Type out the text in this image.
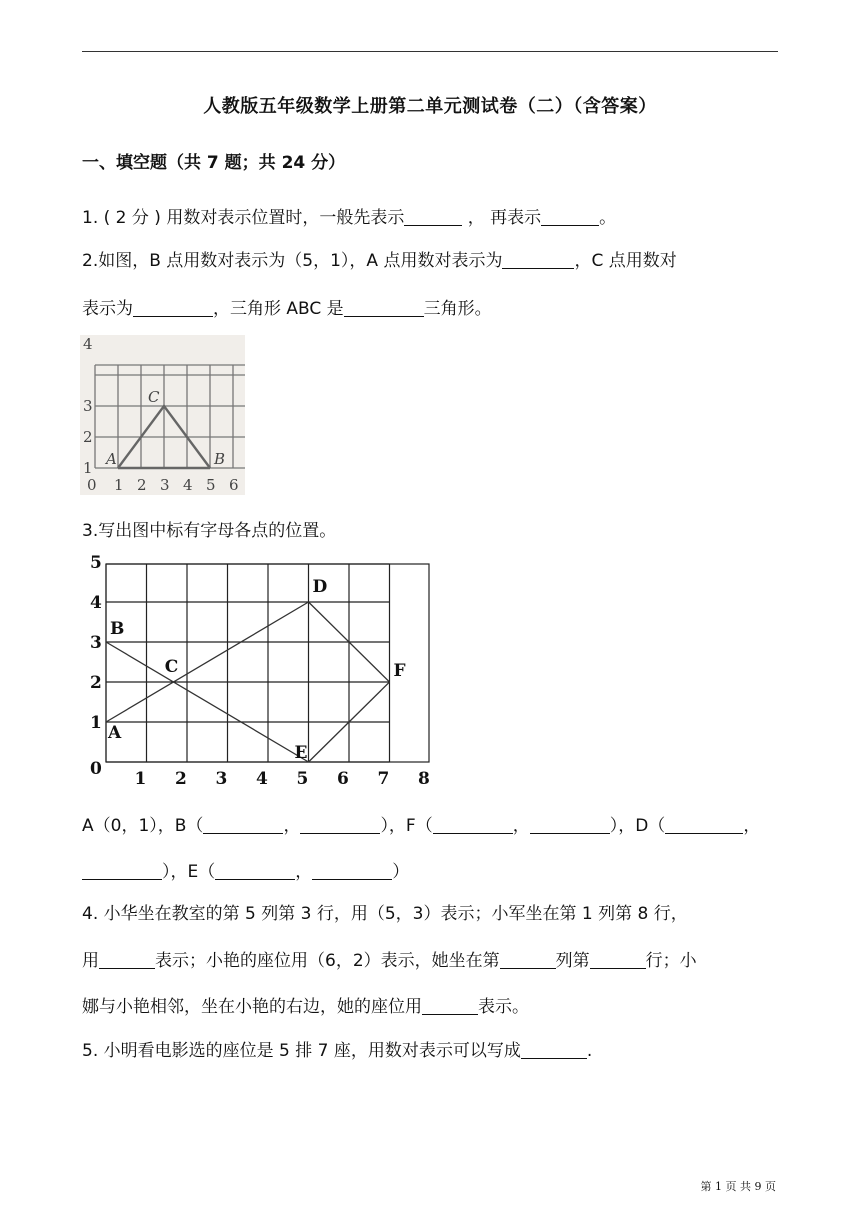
人教版五年级数学上册第二单元测试卷（二）（含答案）
一、填空题（共 7 题；共 24 分）
1. ( 2 分 ) 用数对表示位置时，一般先表示	， 再表示	。
2.如图，B 点用数对表示为（5，1），A 点用数对表示为	，C 点用数对
表示为	，三角形 ABC 是	三角形。
1
2
3
4
0 1 2 3 4 5 6
A
C
B
3.写出图中标有字母各点的位置。
0
1
2
3
4
5
1 2 3 4 5 6 7 8
A
B
C
D
E
F
A（0，1），B（	，	），F（	，	），D（	，
），E（	，	）
4. 小华坐在教室的第 5 列第 3 行，用（5，3）表示；小军坐在第 1 列第 8 行，
用	表示；小艳的座位用（6，2）表示，她坐在第	列第	行；小
娜与小艳相邻，坐在小艳的右边，她的座位用	表示。
5. 小明看电影选的座位是 5 排 7 座，用数对表示可以写成	.
第 1 页 共 9 页
